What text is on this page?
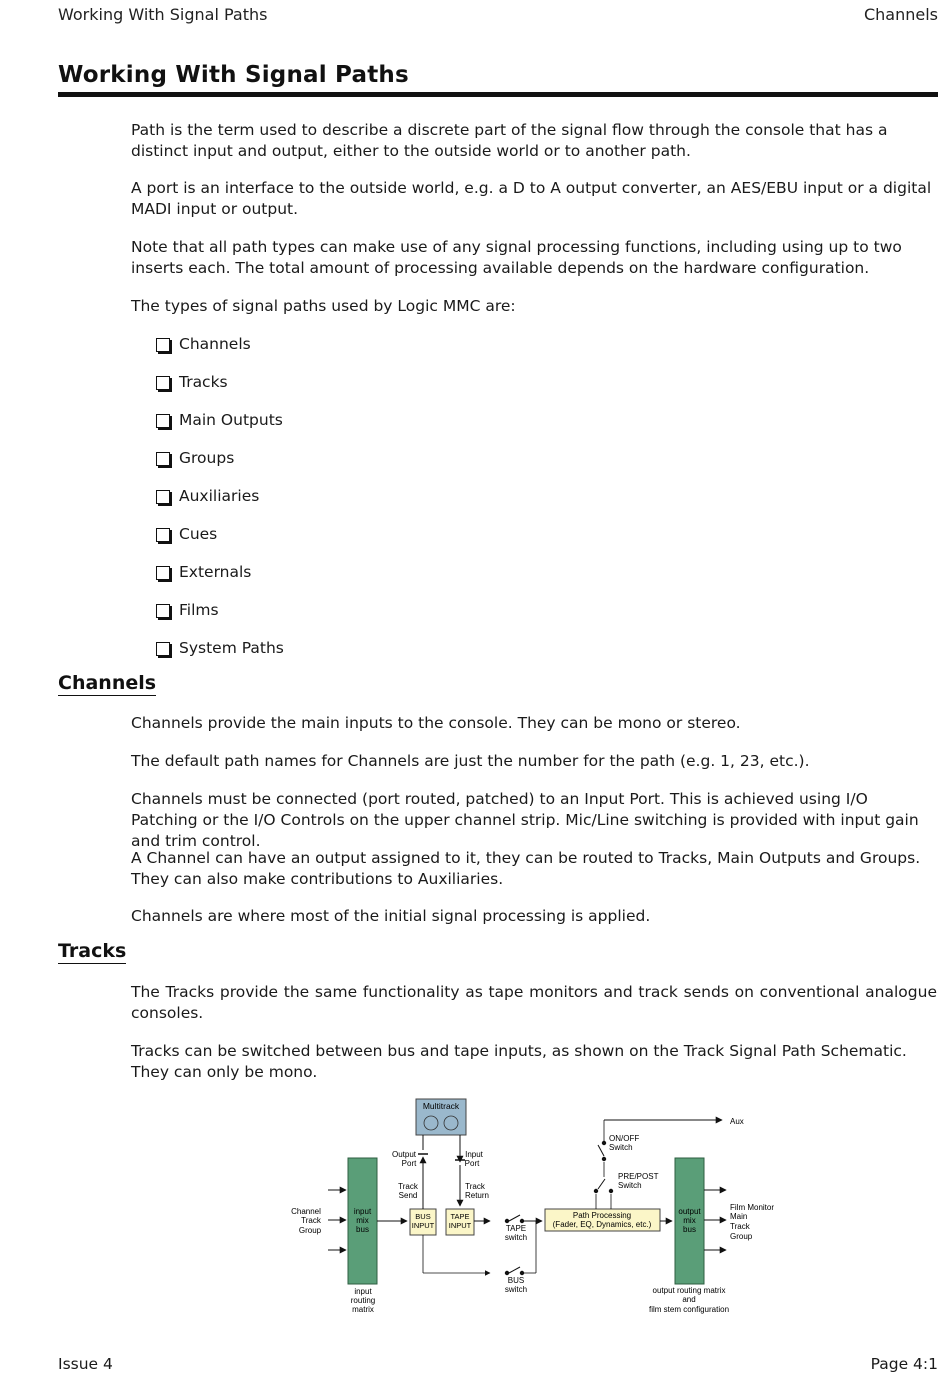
Working With Signal Paths	Channels
Working With Signal Paths

Path is the term used to describe a discrete part of the signal flow through the console that has a distinct input and output, either to the outside world or to another path.

A port is an interface to the outside world, e.g. a D to A output converter, an AES/EBU input or a digital MADI input or output.

Note that all path types can make use of any signal processing functions, including using up to two inserts each. The total amount of processing available depends on the hardware configuration.

The types of signal paths used by Logic MMC are:

Channels
Tracks
Main Outputs
Groups
Auxiliaries
Cues
Externals
Films
System Paths
Channels

Channels provide the main inputs to the console. They can be mono or stereo.

The default path names for Channels are just the number for the path (e.g. 1, 23, etc.).

Channels must be connected (port routed, patched) to an Input Port. This is achieved using I/O Patching or the I/O Controls on the upper channel strip. Mic/Line switching is provided with input gain and trim control.

A Channel can have an output assigned to it, they can be routed to Tracks, Main Outputs and Groups. They can also make contributions to Auxiliaries.

Channels are where most of the initial signal processing is applied.

Tracks

The Tracks provide the same functionality as tape monitors and track sends on conventional analogue consoles.

Tracks can be switched between bus and tape inputs, as shown on the Track Signal Path Schematic. They can only be mono.

Multitrack
input
mix
bus
Channel
Track
Group
input
routing
matrix
BUS
INPUT
Output
Port
Track
Send
Input
Port
Track
Return
TAPE
INPUT	TAPE
switch
BUS
switch
Path Processing
(Fader, EQ, Dynamics, etc.)
PRE/POST
Switch
ON/OFF
Switch
Aux
output
mix
bus
Film Monitor
Main
Track
Group
output routing matrix
and
film stem configuration
Issue 4	Page 4:1
